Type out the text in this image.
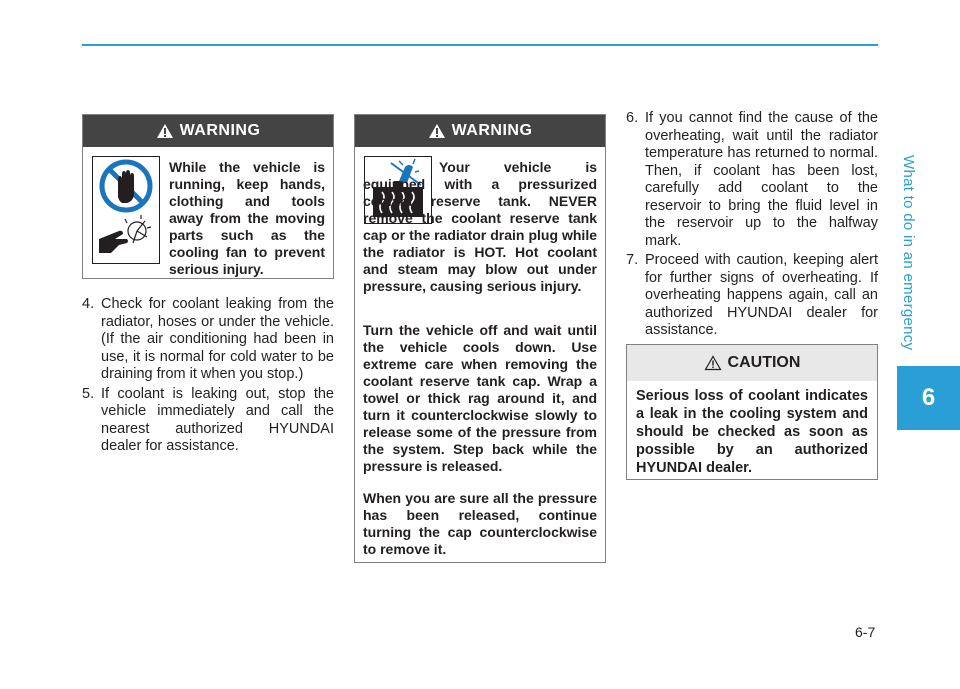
What to do in an emergency
6
6-7
WARNING
While the vehicle is running, keep hands, clothing and tools away from the moving parts such as the cooling fan to prevent serious injury.
4. Check for coolant leaking from the radiator, hoses or under the vehicle. (If the air conditioning had been in use, it is normal for cold water to be draining from it when you stop.)
5. If coolant is leaking out, stop the vehicle immediately and call the nearest authorized HYUNDAI dealer for assistance.
WARNING
Your vehicle is equipped with a pressurized coolant reserve tank. NEVER remove the coolant reserve tank cap or the radiator drain plug while the radiator is HOT. Hot coolant and steam may blow out under pressure, causing serious injury.
Turn the vehicle off and wait until the vehicle cools down. Use extreme care when removing the coolant reserve tank cap. Wrap a towel or thick rag around it, and turn it counterclockwise slowly to release some of the pressure from the system. Step back while the pressure is released.
When you are sure all the pressure has been released, continue turning the cap counterclockwise to remove it.
6. If you cannot find the cause of the overheating, wait until the radiator temperature has returned to normal. Then, if coolant has been lost, carefully add coolant to the reservoir to bring the fluid level in the reservoir up to the halfway mark.
7. Proceed with caution, keeping alert for further signs of overheating. If overheating happens again, call an authorized HYUNDAI dealer for assistance.
CAUTION
Serious loss of coolant indicates a leak in the cooling system and should be checked as soon as possible by an authorized HYUNDAI dealer.
